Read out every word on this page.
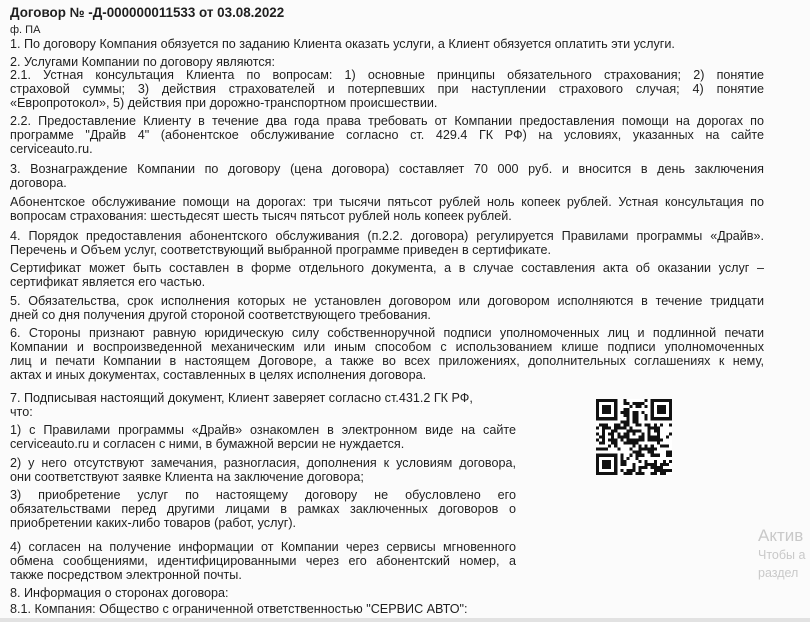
Договор № -Д-000000011533 от 03.08.2022
ф. ПА
1. По договору Компания обязуется по заданию Клиента оказать услуги, а Клиент обязуется оплатить эти услуги.
2. Услугами Компании по договору являются:
2.1. Устная консультация Клиента по вопросам: 1) основные принципы обязательного страхования; 2) понятие
страховой суммы; 3) действия страхователей и потерпевших при наступлении страхового случая; 4) понятие
«Европротокол», 5) действия при дорожно-транспортном происшествии.
2.2. Предоставление Клиенту в течение два года права требовать от Компании предоставления помощи на дорогах по
программе "Драйв 4" (абонентское обслуживание согласно ст. 429.4 ГК РФ) на условиях, указанных на сайте
cerviceauto.ru.
3. Вознаграждение Компании по договору (цена договора) составляет 70 000 руб. и вносится в день заключения
договора.
Абонентское обслуживание помощи на дорогах: три тысячи пятьсот рублей ноль копеек рублей. Устная консультация по
вопросам страхования: шестьдесят шесть тысяч пятьсот рублей ноль копеек рублей.
4. Порядок предоставления абонентского обслуживания (п.2.2. договора) регулируется Правилами программы «Драйв».
Перечень и Объем услуг, соответствующий выбранной программе приведен в сертификате.
Сертификат может быть составлен в форме отдельного документа, а в случае составления акта об оказании услуг –
сертификат является его частью.
5. Обязательства, срок исполнения которых не установлен договором или договором исполняются в течение тридцати
дней со дня получения другой стороной соответствующего требования.
6. Стороны признают равную юридическую силу собственноручной подписи уполномоченных лиц и подлинной печати
Компании и воспроизведенной механическим или иным способом с использованием клише подписи уполномоченных
лиц и печати Компании в настоящем Договоре, а также во всех приложениях, дополнительных соглашениях к нему,
актах и иных документах, составленных в целях исполнения договора.
7. Подписывая настоящий документ, Клиент заверяет согласно ст.431.2 ГК РФ,
что:
1) с Правилами программы «Драйв» ознакомлен в электронном виде на сайте
cerviceauto.ru и согласен с ними, в бумажной версии не нуждается.
2) у него отсутствуют замечания, разногласия, дополнения к условиям договора,
они соответствуют заявке Клиента на заключение договора;
3) приобретение услуг по настоящему договору не обусловлено его
обязательствами перед другими лицами в рамках заключенных договоров о
приобретении каких-либо товаров (работ, услуг).
4) согласен на получение информации от Компании через сервисы мгновенного
обмена сообщениями, идентифицированными через его абонентский номер, а
также посредством электронной почты.
8. Информация о сторонах договора:
8.1. Компания: Общество с ограниченной ответственностью "СЕРВИС АВТО":
Актив
Чтобы а
раздел
